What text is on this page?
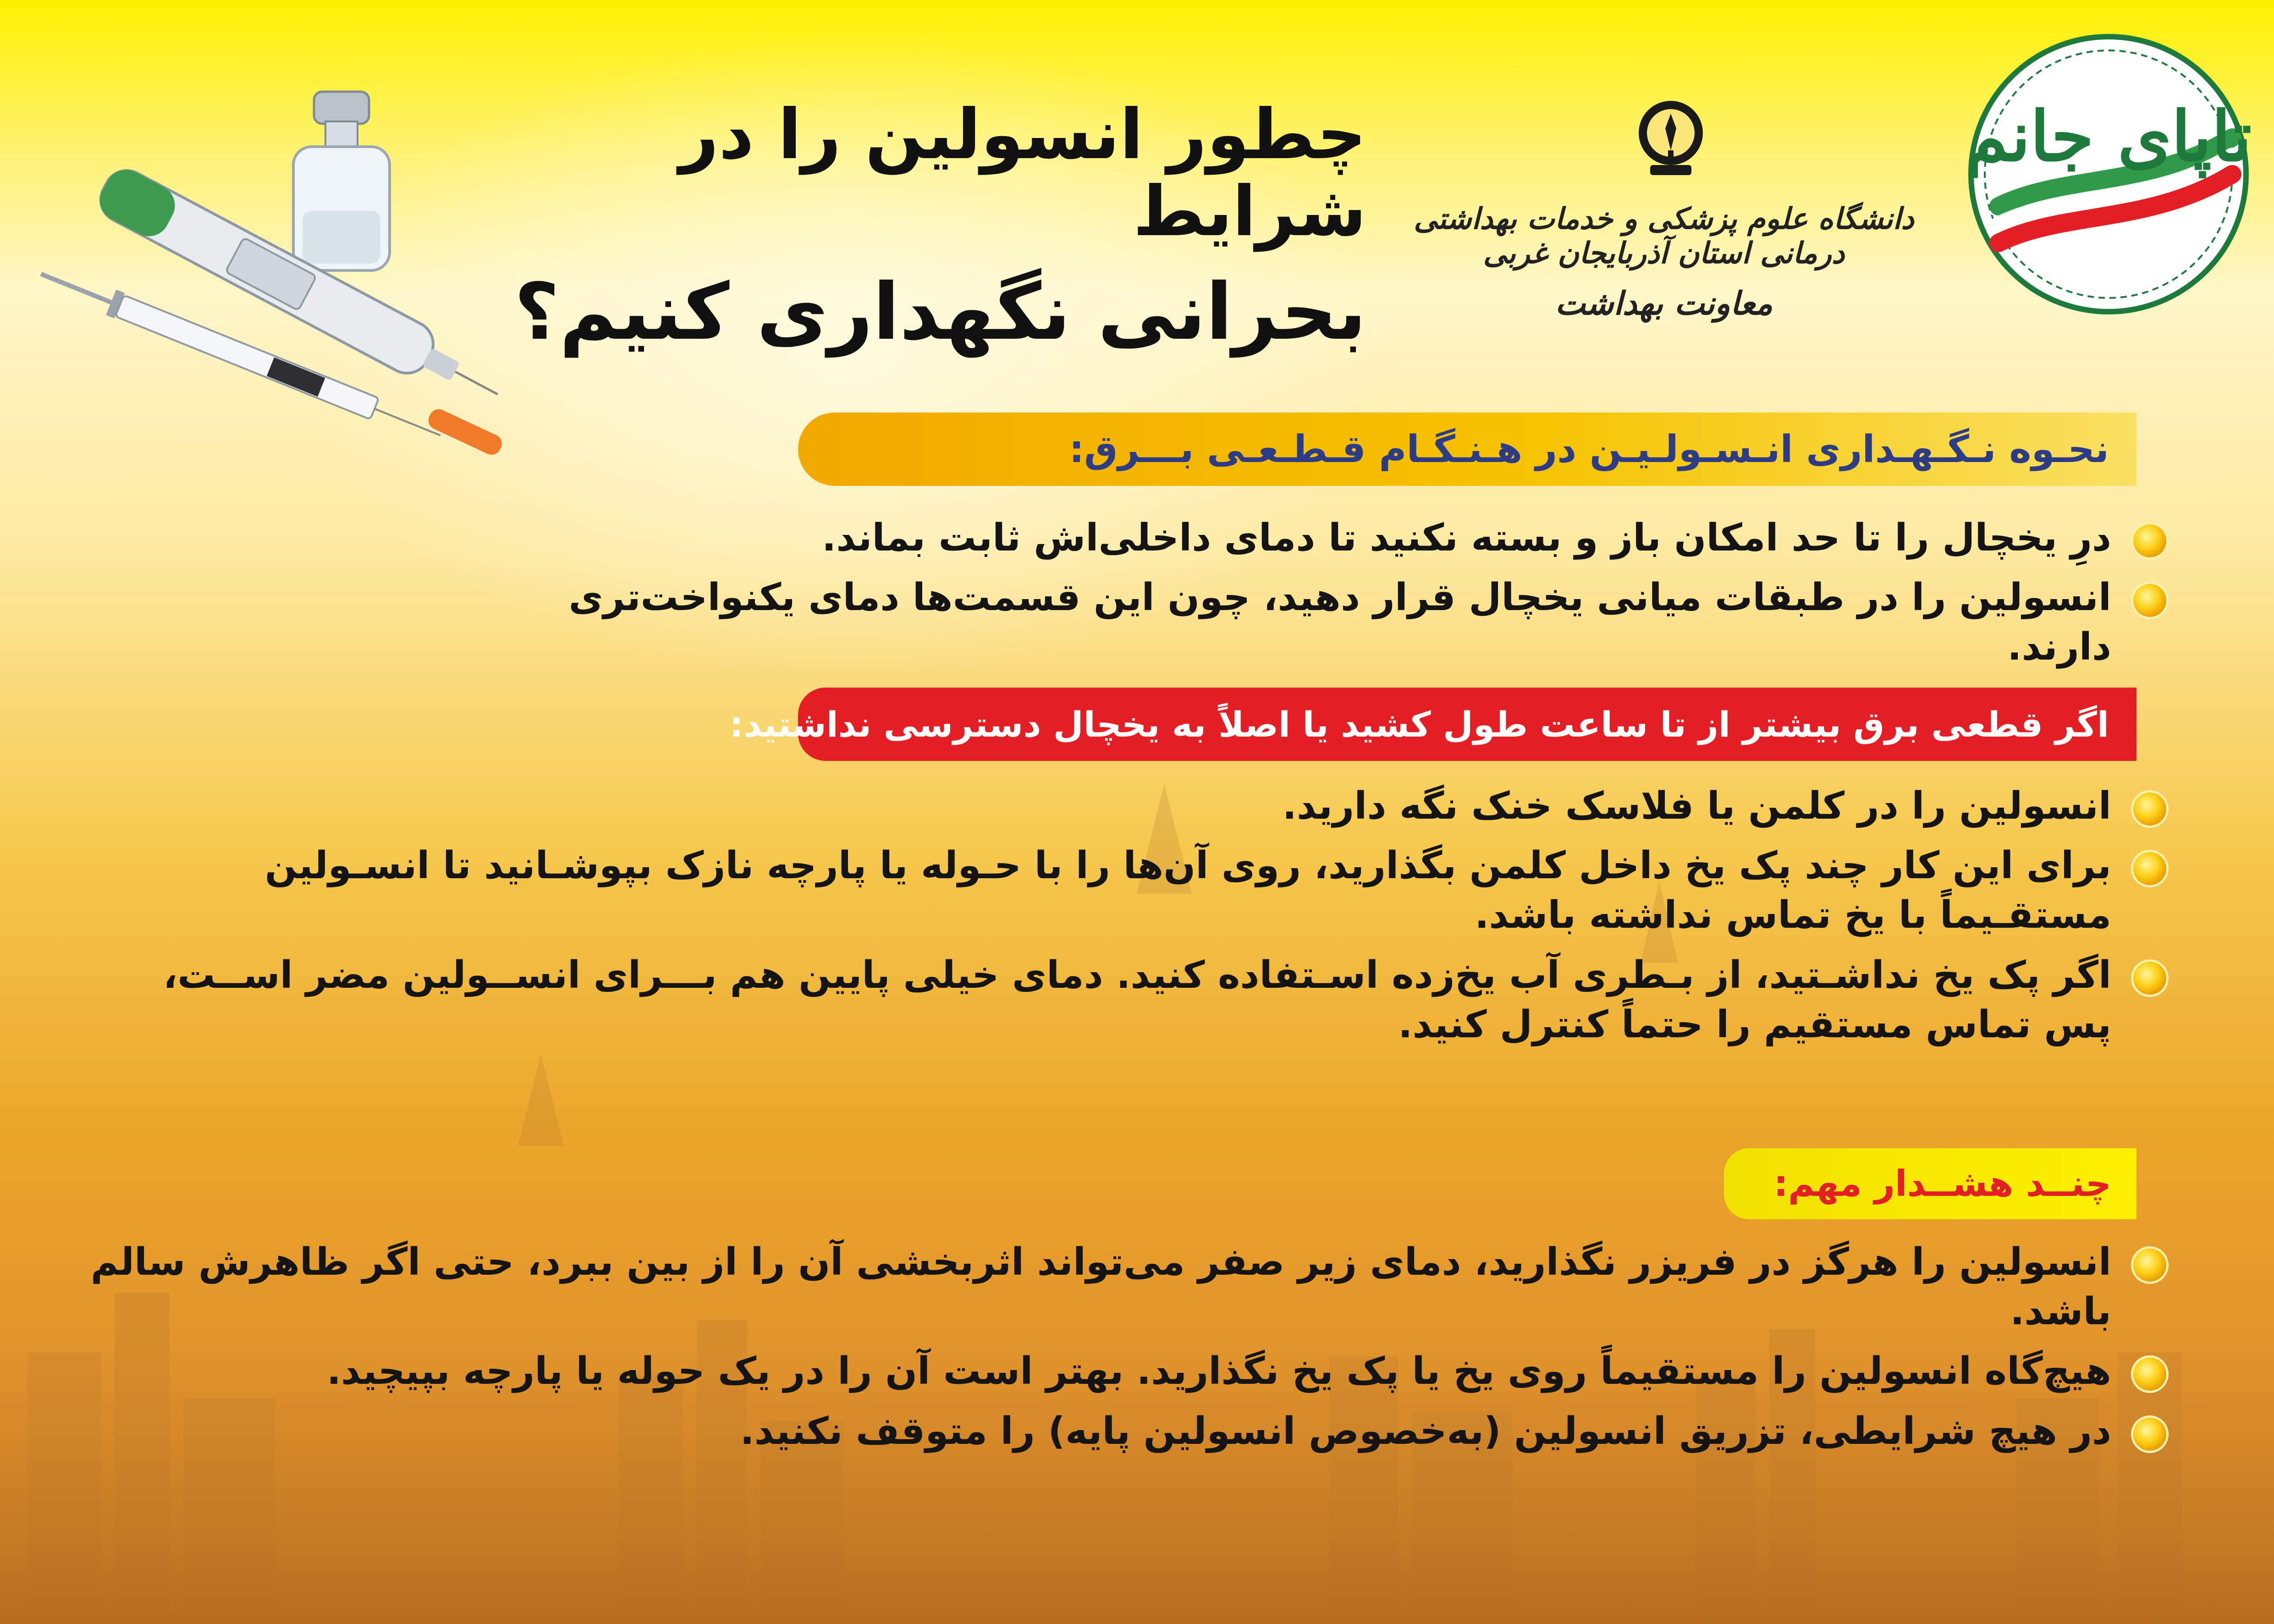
چطور انسولین را در شرایط
بحرانی نگهداری کنیم؟
دانشگاه علوم پزشکی و خدمات بهداشتی درمانی استان آذربایجان غربی
معاونت بهداشت
تاپای جانم
نحـوه نـگـهـداری انـسـولـیـن در هـنـگـام قـطـعـی بـــرق:
درِ یخچال را تا حد امکان باز و بسته نکنید تا دمای داخلی‌اش ثابت بماند.
انسولین را در طبقات میانی یخچال قرار دهید، چون این قسمت‌ها دمای یکنواخت‌تری دارند.
اگر قطعی برق بیشتر از تا ساعت طول کشید یا اصلاً به یخچال دسترسی نداشتید:
انسولین را در کلمن یا فلاسک خنک نگه دارید.
برای این کار چند پک یخ داخل کلمن بگذارید، روی آن‌ها را با حـوله یا پارچه نازک بپوشـانید تا انسـولین مستقـیماً با یخ تماس نداشته باشد.
اگر پک یخ نداشـتید، از بـطری آب یخ‌زده اسـتفاده کنید. دمای خیلی پایین هم بـــرای انســولین مضر اســت، پس تماس مستقیم را حتماً کنترل کنید.
چنــد هشــدار مهم:
انسولین را هرگز در فریزر نگذارید، دمای زیر صفر می‌تواند اثربخشی آن را از بین ببرد، حتی اگر ظاهرش سالم باشد.
هیچ‌گاه انسولین را مستقیماً روی یخ یا پک یخ نگذارید. بهتر است آن را در یک حوله یا پارچه بپیچید.
در هیچ شرایطی، تزریق انسولین (به‌خصوص انسولین پایه) را متوقف نکنید.
